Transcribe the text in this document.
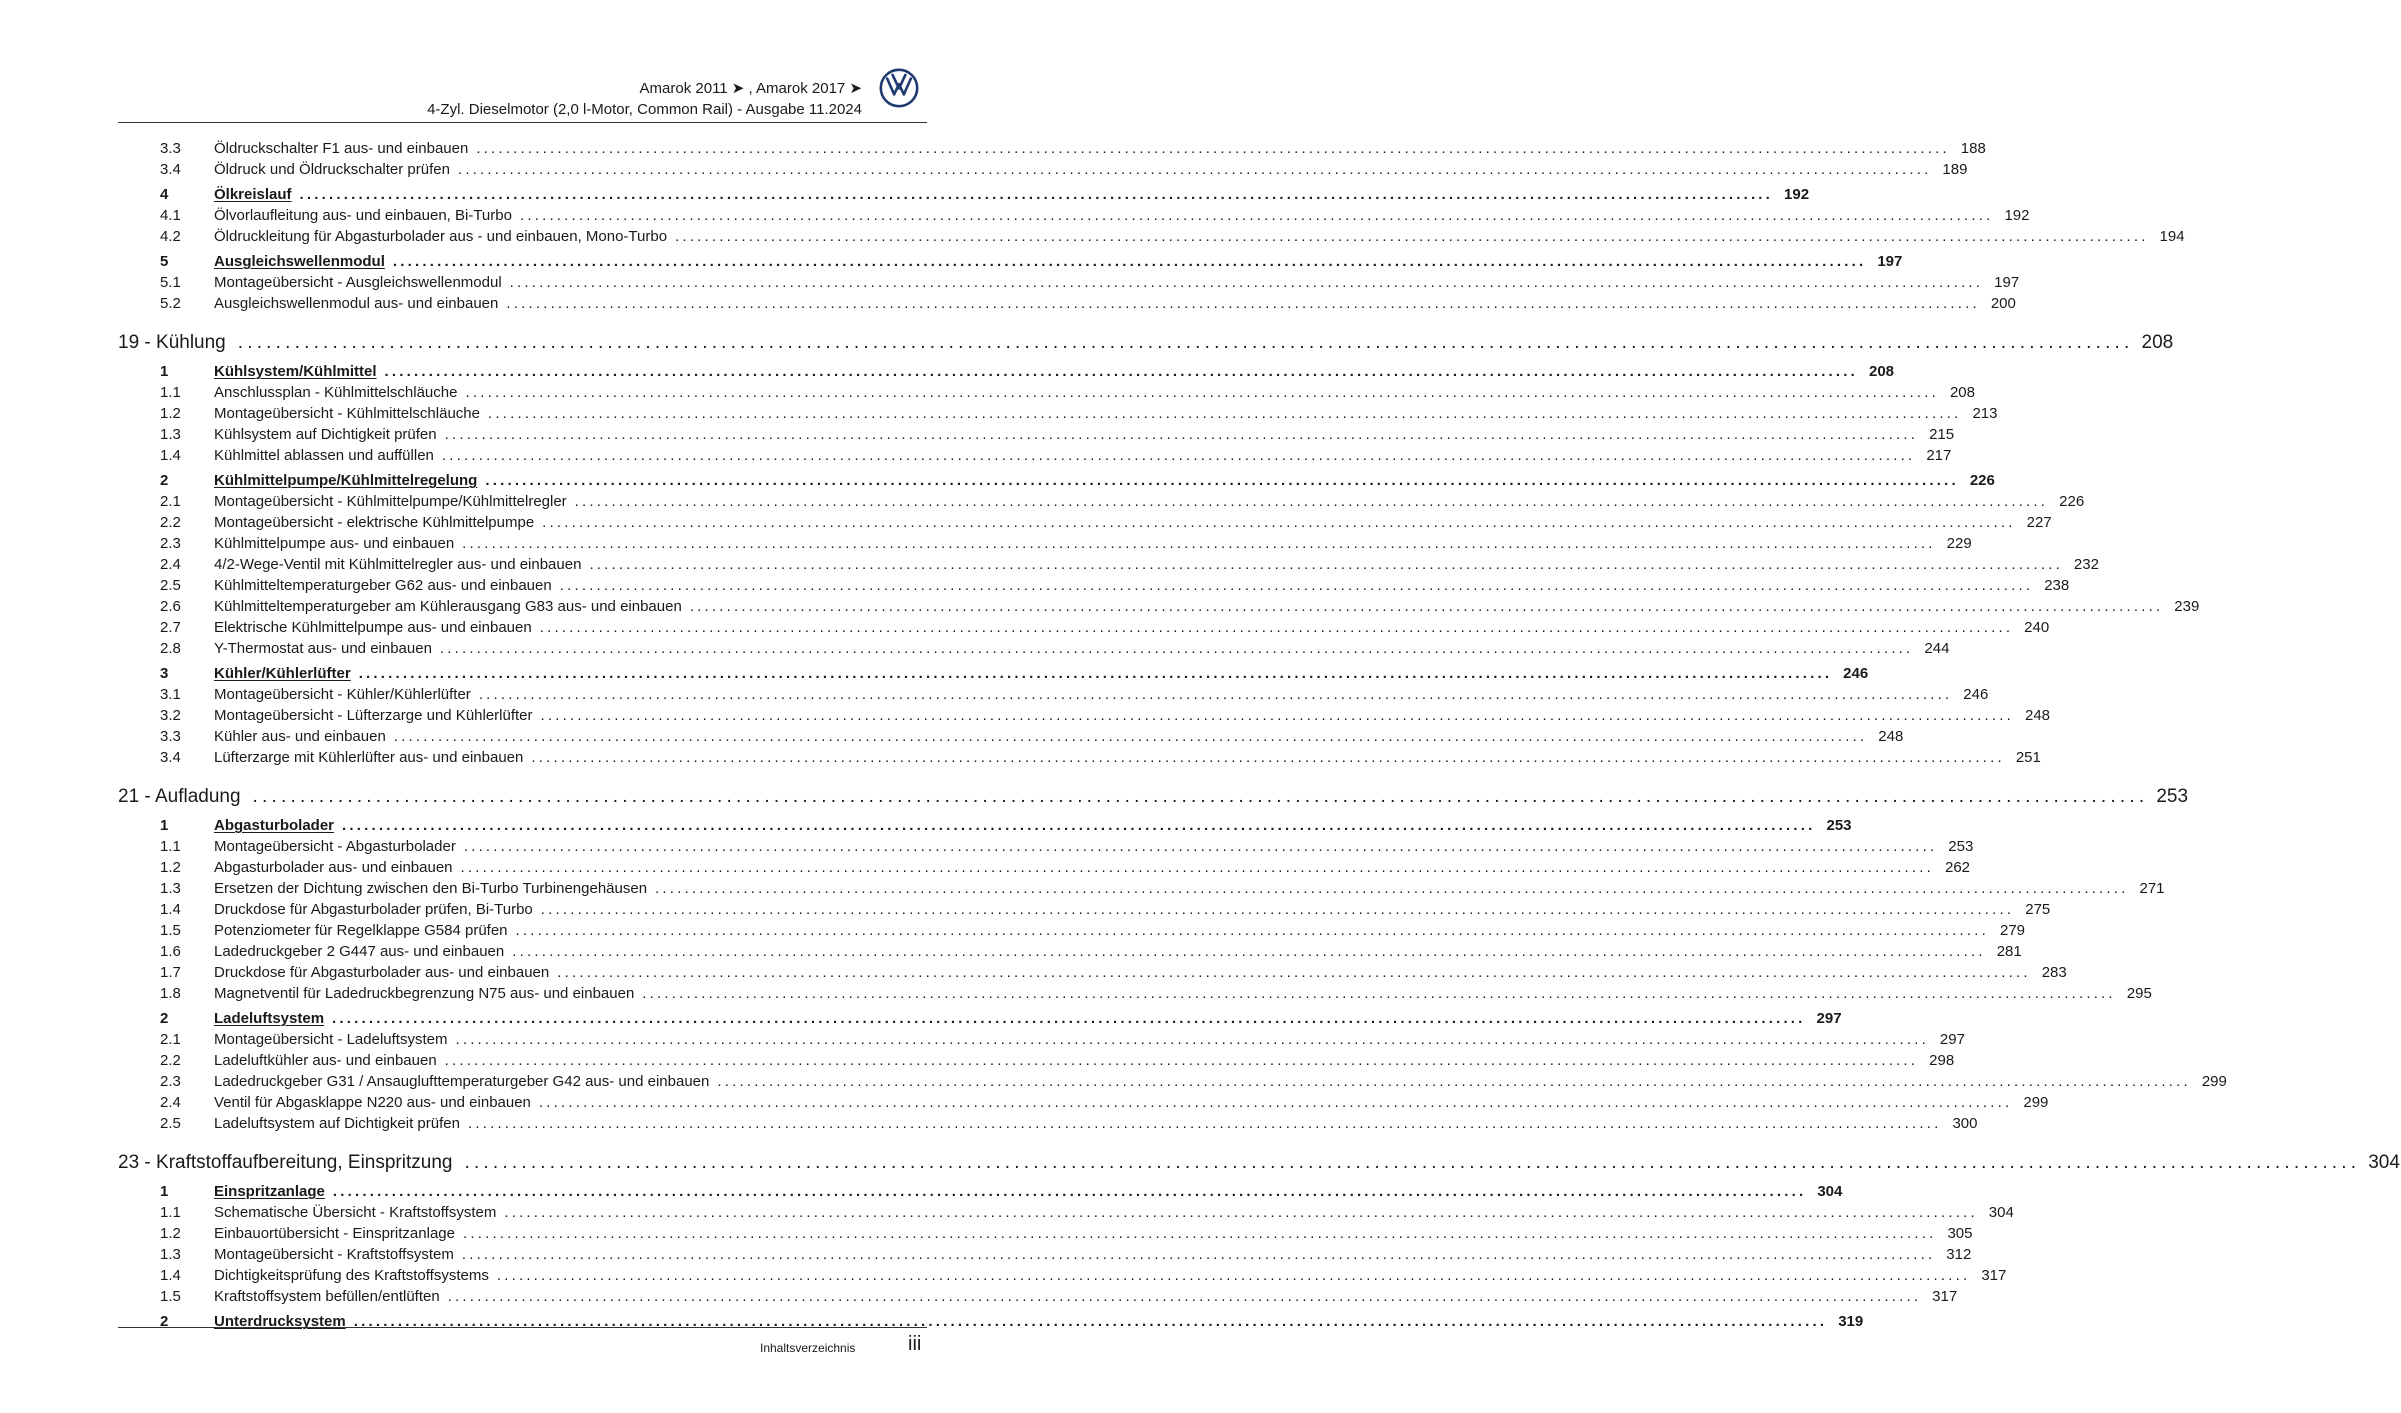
Amarok 2011 ➤ , Amarok 2017 ➤
4-Zyl. Dieselmotor (2,0 l-Motor, Common Rail) - Ausgabe 11.2024
3.3 Öldruckschalter F1 aus- und einbauen ........................................................................................................................................................................................................ 188
3.4 Öldruck und Öldruckschalter prüfen ........................................................................................................................................................................................................ 189
4	Ölkreislauf ........................................................................................................................................................................................................ 192
4.1 Ölvorlaufleitung aus- und einbauen, Bi-Turbo ........................................................................................................................................................................................................ 192
4.2 Öldruckleitung für Abgasturbolader aus - und einbauen, Mono-Turbo ........................................................................................................................................................................................................ 194
5	Ausgleichswellenmodul ........................................................................................................................................................................................................ 197
5.1 Montageübersicht - Ausgleichswellenmodul ........................................................................................................................................................................................................ 197
5.2 Ausgleichswellenmodul aus- und einbauen ........................................................................................................................................................................................................ 200
19 - Kühlung ........................................................................................................................................................................................................ 208
1	Kühlsystem/Kühlmittel ........................................................................................................................................................................................................ 208
1.1 Anschlussplan - Kühlmittelschläuche ........................................................................................................................................................................................................ 208
1.2 Montageübersicht - Kühlmittelschläuche ........................................................................................................................................................................................................ 213
1.3 Kühlsystem auf Dichtigkeit prüfen ........................................................................................................................................................................................................ 215
1.4 Kühlmittel ablassen und auffüllen ........................................................................................................................................................................................................ 217
2	Kühlmittelpumpe/Kühlmittelregelung ........................................................................................................................................................................................................ 226
2.1 Montageübersicht - Kühlmittelpumpe/Kühlmittelregler ........................................................................................................................................................................................................ 226
2.2 Montageübersicht - elektrische Kühlmittelpumpe ........................................................................................................................................................................................................ 227
2.3 Kühlmittelpumpe aus- und einbauen ........................................................................................................................................................................................................ 229
2.4 4/2-Wege-Ventil mit Kühlmittelregler aus- und einbauen ........................................................................................................................................................................................................ 232
2.5 Kühlmitteltemperaturgeber G62 aus- und einbauen ........................................................................................................................................................................................................ 238
2.6 Kühlmitteltemperaturgeber am Kühlerausgang G83 aus- und einbauen ........................................................................................................................................................................................................ 239
2.7 Elektrische Kühlmittelpumpe aus- und einbauen ........................................................................................................................................................................................................ 240
2.8 Y-Thermostat aus- und einbauen ........................................................................................................................................................................................................ 244
3	Kühler/Kühlerlüfter ........................................................................................................................................................................................................ 246
3.1 Montageübersicht - Kühler/Kühlerlüfter ........................................................................................................................................................................................................ 246
3.2 Montageübersicht - Lüfterzarge und Kühlerlüfter ........................................................................................................................................................................................................ 248
3.3 Kühler aus- und einbauen ........................................................................................................................................................................................................ 248
3.4 Lüfterzarge mit Kühlerlüfter aus- und einbauen ........................................................................................................................................................................................................ 251
21 - Aufladung ........................................................................................................................................................................................................ 253
1	Abgasturbolader ........................................................................................................................................................................................................ 253
1.1 Montageübersicht - Abgasturbolader ........................................................................................................................................................................................................ 253
1.2 Abgasturbolader aus- und einbauen ........................................................................................................................................................................................................ 262
1.3 Ersetzen der Dichtung zwischen den Bi-Turbo Turbinengehäusen ........................................................................................................................................................................................................ 271
1.4 Druckdose für Abgasturbolader prüfen, Bi-Turbo ........................................................................................................................................................................................................ 275
1.5 Potenziometer für Regelklappe G584 prüfen ........................................................................................................................................................................................................ 279
1.6 Ladedruckgeber 2 G447 aus- und einbauen ........................................................................................................................................................................................................ 281
1.7 Druckdose für Abgasturbolader aus- und einbauen ........................................................................................................................................................................................................ 283
1.8 Magnetventil für Ladedruckbegrenzung N75 aus- und einbauen ........................................................................................................................................................................................................ 295
2	Ladeluftsystem ........................................................................................................................................................................................................ 297
2.1 Montageübersicht - Ladeluftsystem ........................................................................................................................................................................................................ 297
2.2 Ladeluftkühler aus- und einbauen ........................................................................................................................................................................................................ 298
2.3 Ladedruckgeber G31 / Ansauglufttemperaturgeber G42 aus- und einbauen ........................................................................................................................................................................................................ 299
2.4 Ventil für Abgasklappe N220 aus- und einbauen ........................................................................................................................................................................................................ 299
2.5 Ladeluftsystem auf Dichtigkeit prüfen ........................................................................................................................................................................................................ 300
23 - Kraftstoffaufbereitung, Einspritzung ........................................................................................................................................................................................................ 304
1	Einspritzanlage ........................................................................................................................................................................................................ 304
1.1 Schematische Übersicht - Kraftstoffsystem ........................................................................................................................................................................................................ 304
1.2 Einbauortübersicht - Einspritzanlage ........................................................................................................................................................................................................ 305
1.3 Montageübersicht - Kraftstoffsystem ........................................................................................................................................................................................................ 312
1.4 Dichtigkeitsprüfung des Kraftstoffsystems ........................................................................................................................................................................................................ 317
1.5 Kraftstoffsystem befüllen/entlüften ........................................................................................................................................................................................................ 317
2	Unterdrucksystem ........................................................................................................................................................................................................ 319
Inhaltsverzeichnis	iii
